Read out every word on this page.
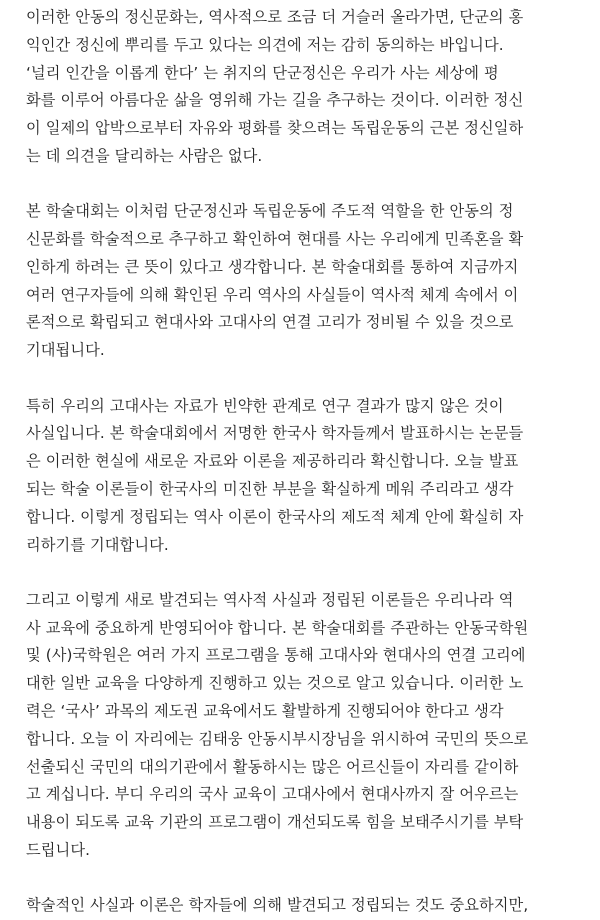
이러한 안동의 정신문화는, 역사적으로 조금 더 거슬러 올라가면, 단군의 홍
익인간 정신에 뿌리를 두고 있다는 의견에 저는 감히 동의하는 바입니다.
‘널리 인간을 이롭게 한다’ 는 취지의 단군정신은 우리가 사는 세상에 평
화를 이루어 아름다운 삶을 영위해 가는 길을 추구하는 것이다. 이러한 정신
이 일제의 압박으로부터 자유와 평화를 찾으려는 독립운동의 근본 정신일하
는 데 의견을 달리하는 사람은 없다.
본 학술대회는 이처럼 단군정신과 독립운동에 주도적 역할을 한 안동의 정
신문화를 학술적으로 추구하고 확인하여 현대를 사는 우리에게 민족혼을 확
인하게 하려는 큰 뜻이 있다고 생각합니다. 본 학술대회를 통하여 지금까지
여러 연구자들에 의해 확인된 우리 역사의 사실들이 역사적 체계 속에서 이
론적으로 확립되고 현대사와 고대사의 연결 고리가 정비될 수 있을 것으로
기대됩니다.
특히 우리의 고대사는 자료가 빈약한 관계로 연구 결과가 많지 않은 것이
사실입니다. 본 학술대회에서 저명한 한국사 학자들께서 발표하시는 논문들
은 이러한 현실에 새로운 자료와 이론을 제공하리라 확신합니다. 오늘 발표
되는 학술 이론들이 한국사의 미진한 부분을 확실하게 메워 주리라고 생각
합니다. 이렇게 정립되는 역사 이론이 한국사의 제도적 체계 안에 확실히 자
리하기를 기대합니다.
그리고 이렇게 새로 발견되는 역사적 사실과 정립된 이론들은 우리나라 역
사 교육에 중요하게 반영되어야 합니다. 본 학술대회를 주관하는 안동국학원
및 (사)국학원은 여러 가지 프로그램을 통해 고대사와 현대사의 연결 고리에
대한 일반 교육을 다양하게 진행하고 있는 것으로 알고 있습니다. 이러한 노
력은 ‘국사’ 과목의 제도권 교육에서도 활발하게 진행되어야 한다고 생각
합니다. 오늘 이 자리에는 김태웅 안동시부시장님을 위시하여 국민의 뜻으로
선출되신 국민의 대의기관에서 활동하시는 많은 어르신들이 자리를 같이하
고 계십니다. 부디 우리의 국사 교육이 고대사에서 현대사까지 잘 어우르는
내용이 되도록 교육 기관의 프로그램이 개선되도록 힘을 보태주시기를 부탁
드립니다.
학술적인 사실과 이론은 학자들에 의해 발견되고 정립되는 것도 중요하지만,
